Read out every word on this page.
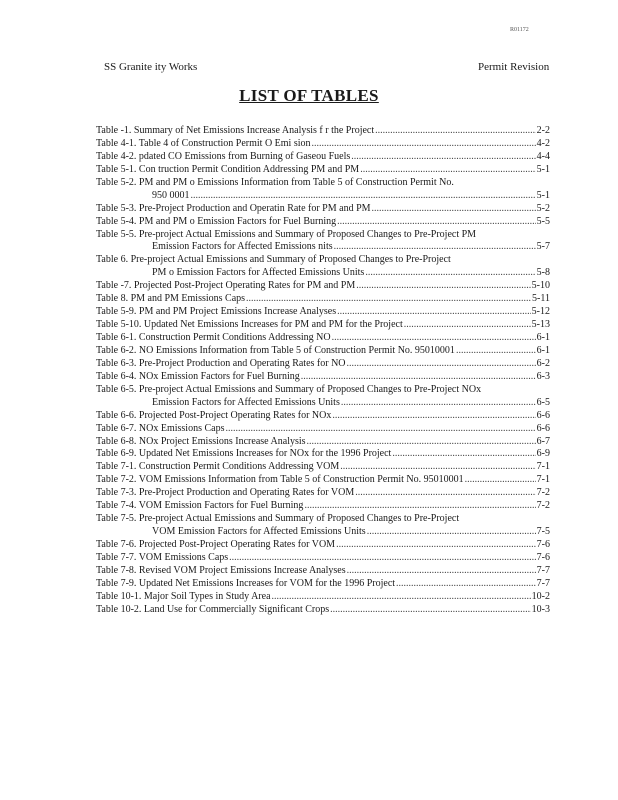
R01172
SS Granite ity Works	Permit Revision
LIST OF TABLES
Table -1. Summary of Net Emissions Increase Analysis f r the Project .....	2-2
Table 4-1. Table 4 of Construction Permit O Emi sion .....	4-2
Table 4-2. pdated CO Emissions from Burning of Gaseou Fuels .....	4-4
Table 5-1. Con truction Permit Condition Addressing PM and PM .....	5-1
Table 5-2. PM and PM o Emissions Information from Table 5 of Construction Permit No.
950 0001 .....	5-1
Table 5-3. Pre-Project Production and Operatin Rate for PM and PM .....	5-2
Table 5-4. PM and PM o Emission Factors for Fuel Burning .....	5-5
Table 5-5. Pre-project Actual Emissions and Summary of Proposed Changes to Pre-Project PM
Emission Factors for Affected Emissions nits .....	5-7
Table 6. Pre-project Actual Emissions and Summary of Proposed Changes to Pre-Project
PM o Emission Factors for Affected Emissions Units .....	5-8
Table -7. Projected Post-Project Operating Rates for PM and PM .....	5-10
Table 8. PM and PM Emissions Caps .....	5-11
Table 5-9. PM and PM Project Emissions Increase Analyses .....	5-12
Table 5-10. Updated Net Emissions Increases for PM and PM for the Project .....	5-13
Table 6-1. Construction Permit Conditions Addressing NO .....	6-1
Table 6-2. NO Emissions Information from Table 5 of Construction Permit No. 95010001 .....	6-1
Table 6-3. Pre-Project Production and Operating Rates for NO .....	6-2
Table 6-4. NOx Emission Factors for Fuel Burning .....	6-3
Table 6-5. Pre-project Actual Emissions and Summary of Proposed Changes to Pre-Project NOx
Emission Factors for Affected Emissions Units .....	6-5
Table 6-6. Projected Post-Project Operating Rates for NOx .....	6-6
Table 6-7. NOx Emissions Caps .....	6-6
Table 6-8. NOx Project Emissions Increase Analysis .....	6-7
Table 6-9. Updated Net Emissions Increases for NOx for the 1996 Project .....	6-9
Table 7-1. Construction Permit Conditions Addressing VOM .....	7-1
Table 7-2. VOM Emissions Information from Table 5 of Construction Permit No. 95010001 .....	7-1
Table 7-3. Pre-Project Production and Operating Rates for VOM .....	7-2
Table 7-4. VOM Emission Factors for Fuel Burning .....	7-2
Table 7-5. Pre-project Actual Emissions and Summary of Proposed Changes to Pre-Project
VOM Emission Factors for Affected Emissions Units .....	7-5
Table 7-6. Projected Post-Project Operating Rates for VOM .....	7-6
Table 7-7. VOM Emissions Caps .....	7-6
Table 7-8. Revised VOM Project Emissions Increase Analyses .....	7-7
Table 7-9. Updated Net Emissions Increases for VOM for the 1996 Project .....	7-7
Table 10-1. Major Soil Types in Study Area .....	10-2
Table 10-2. Land Use for Commercially Significant Crops .....	10-3
